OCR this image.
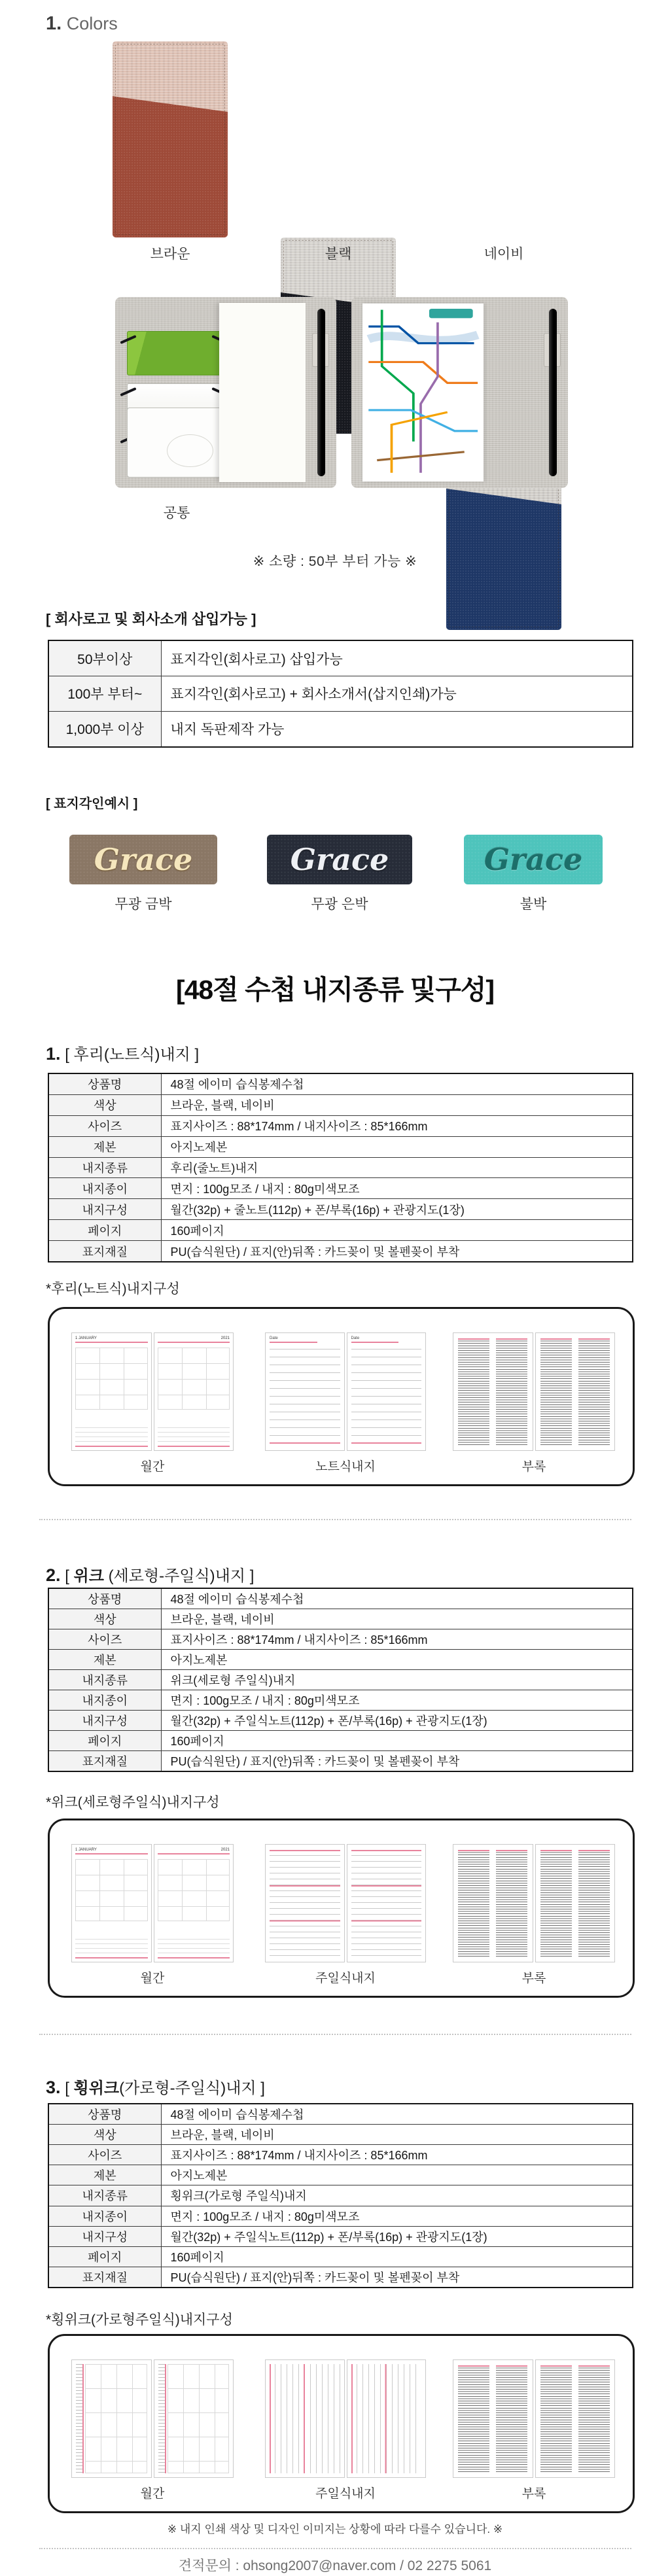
1. Colors
브라운	블랙	네이비
공통
※ 소량 : 50부 부터 가능 ※
[ 회사로고 및 회사소개 삽입가능 ]
50부이상	표지각인(회사로고) 삽입가능
100부 부터~	표지각인(회사로고) + 회사소개서(삽지인쇄)가능
1,000부 이상	내지 독판제작 가능
[ 표지각인예시 ]
Grace	Grace	Grace
무광 금박	무광 은박	불박
[48절 수첩 내지종류 및구성]
1. [ 후리(노트식)내지 ]
상품명	48절 에이미 습식봉제수첩
색상	브라운, 블랙, 네이비
사이즈	표지사이즈 : 88*174mm / 내지사이즈 : 85*166mm
제본	아지노제본
내지종류	후리(줄노트)내지
내지종이	면지 : 100g모조 / 내지 : 80g미색모조
내지구성	월간(32p) + 줄노트(112p) + 폰/부록(16p) + 관광지도(1장)
페이지	160페이지
표지재질	PU(습식원단) / 표지(안)뒤쪽 : 카드꽂이 및 볼펜꽂이 부착
*후리(노트식)내지구성
1 JANUARY	2021	Date	Date
월간	노트식내지	부록
2. [ 위크 (세로형-주일식)내지 ]
상품명	48절 에이미 습식봉제수첩
색상	브라운, 블랙, 네이비
사이즈	표지사이즈 : 88*174mm / 내지사이즈 : 85*166mm
제본	아지노제본
내지종류	위크(세로형 주일식)내지
내지종이	면지 : 100g모조 / 내지 : 80g미색모조
내지구성	월간(32p) + 주일식노트(112p) + 폰/부록(16p) + 관광지도(1장)
페이지	160페이지
표지재질	PU(습식원단) / 표지(안)뒤쪽 : 카드꽂이 및 볼펜꽂이 부착
*위크(세로형주일식)내지구성
1 JANUARY	2021
월간	주일식내지	부록
3. [ 횡위크(가로형-주일식)내지 ]
상품명	48절 에이미 습식봉제수첩
색상	브라운, 블랙, 네이비
사이즈	표지사이즈 : 88*174mm / 내지사이즈 : 85*166mm
제본	아지노제본
내지종류	횡위크(가로형 주일식)내지
내지종이	면지 : 100g모조 / 내지 : 80g미색모조
내지구성	월간(32p) + 주일식노트(112p) + 폰/부록(16p) + 관광지도(1장)
페이지	160페이지
표지재질	PU(습식원단) / 표지(안)뒤쪽 : 카드꽂이 및 볼펜꽂이 부착
*횡위크(가로형주일식)내지구성
월간	주일식내지	부록
※ 내지 인쇄 색상 및 디자인 이미지는 상황에 따라 다를수 있습니다. ※
견적문의 : ohsong2007@naver.com / 02 2275 5061
